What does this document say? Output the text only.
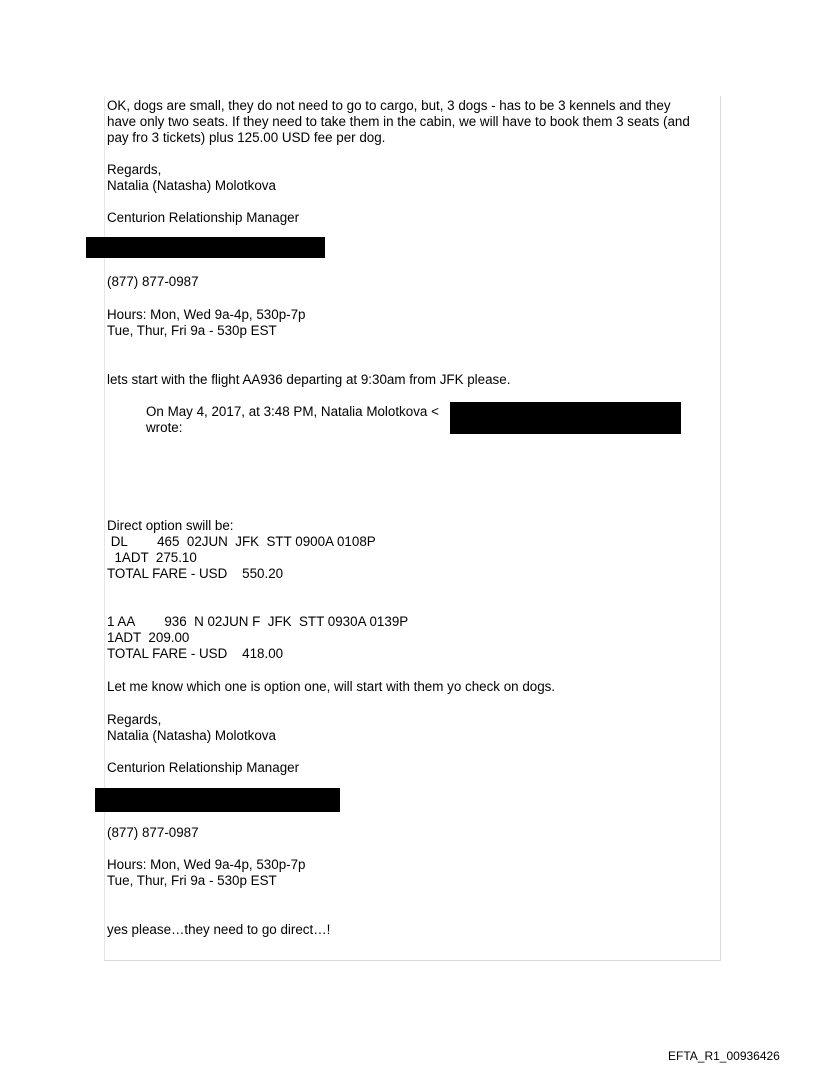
OK, dogs are small, they do not need to go to cargo, but, 3 dogs - has to be 3 kennels and they
have only two seats. If they need to take them in the cabin, we will have to book them 3 seats (and
pay fro 3 tickets) plus 125.00 USD fee per dog.
Regards,
Natalia (Natasha) Molotkova
Centurion Relationship Manager
(877) 877-0987
Hours: Mon, Wed 9a-4p, 530p-7p
Tue, Thur, Fri 9a - 530p EST
lets start with the flight AA936 departing at 9:30am from JFK please.
On May 4, 2017, at 3:48 PM, Natalia Molotkova <
wrote:
Direct option swill be:
DL        465  02JUN  JFK  STT 0900A 0108P
1ADT  275.10
TOTAL FARE - USD    550.20
1 AA        936  N 02JUN F  JFK  STT 0930A 0139P
1ADT  209.00
TOTAL FARE - USD    418.00
Let me know which one is option one, will start with them yo check on dogs.
Regards,
Natalia (Natasha) Molotkova
Centurion Relationship Manager
(877) 877-0987
Hours: Mon, Wed 9a-4p, 530p-7p
Tue, Thur, Fri 9a - 530p EST
yes please…they need to go direct…!
EFTA_R1_00936426
